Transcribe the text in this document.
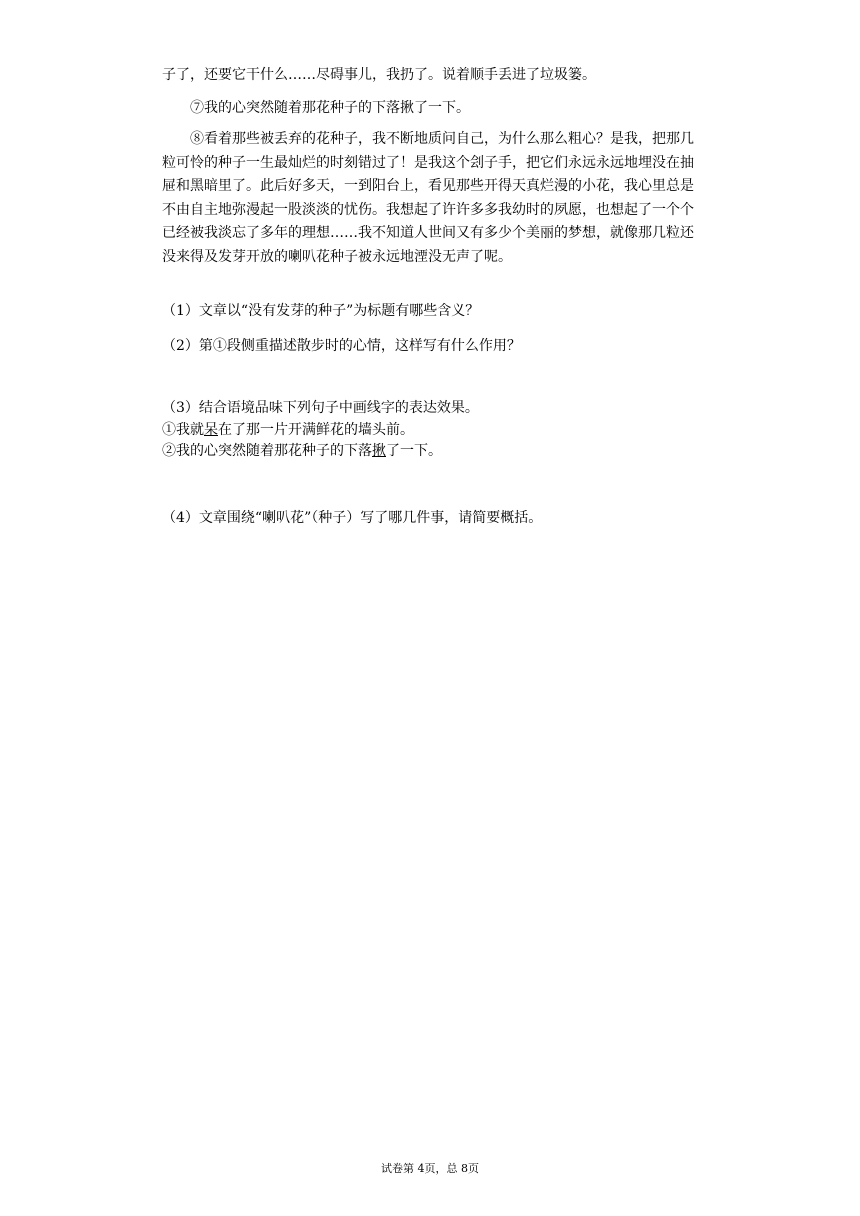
子了，还要它干什么……尽碍事儿，我扔了。说着顺手丢进了垃圾篓。

⑦我的心突然随着那花种子的下落揪了一下。

⑧看着那些被丢弃的花种子，我不断地质问自己，为什么那么粗心？是我，把那几粒可怜的种子一生最灿烂的时刻错过了！是我这个刽子手，把它们永远永远地埋没在抽屉和黑暗里了。此后好多天，一到阳台上，看见那些开得天真烂漫的小花，我心里总是不由自主地弥漫起一股淡淡的忧伤。我想起了许许多多我幼时的夙愿，也想起了一个个已经被我淡忘了多年的理想……我不知道人世间又有多少个美丽的梦想，就像那几粒还没来得及发芽开放的喇叭花种子被永远地湮没无声了呢。

（1）文章以“没有发芽的种子”为标题有哪些含义？

（2）第①段侧重描述散步时的心情，这样写有什么作用？

（3）结合语境品味下列句子中画线字的表达效果。

①我就呆在了那一片开满鲜花的墙头前。

②我的心突然随着那花种子的下落揪了一下。

（4）文章围绕“喇叭花”（种子）写了哪几件事，请简要概括。

试卷第 4页，总 8页
